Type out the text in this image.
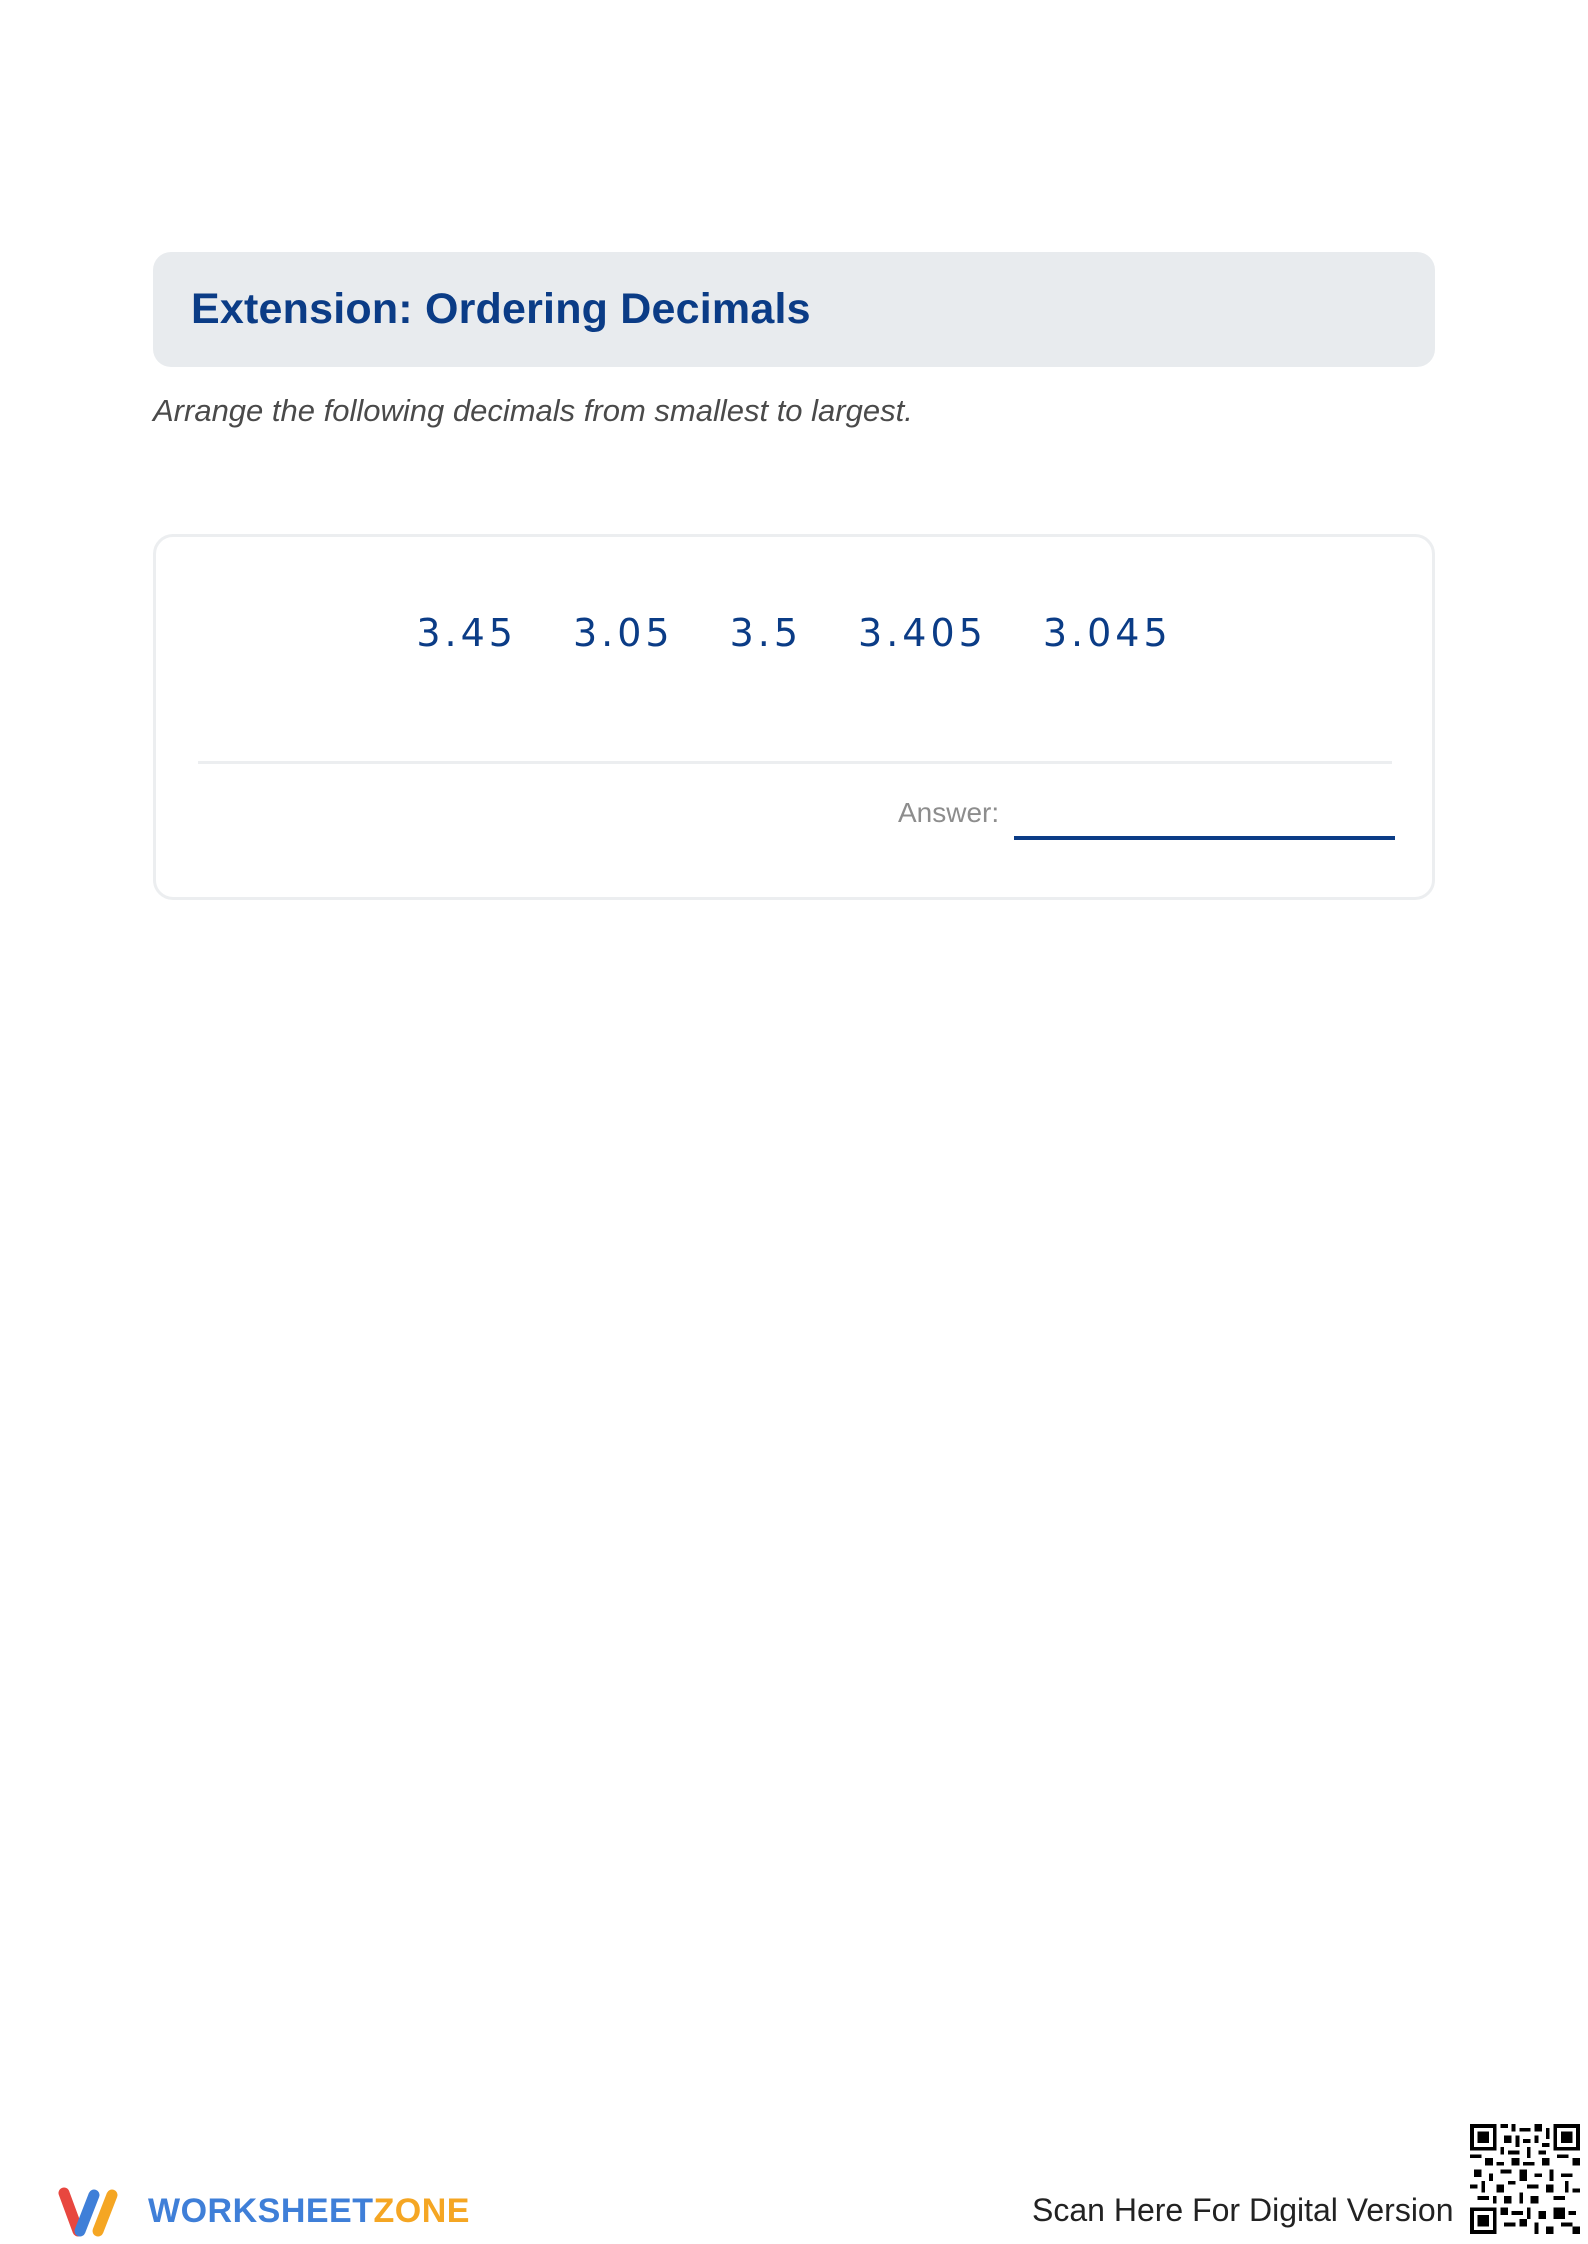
Extension: Ordering Decimals
Arrange the following decimals from smallest to largest.
3.45 3.05 3.5 3.405 3.045
Answer:
WORKSHEETZONE	Scan Here For Digital Version
